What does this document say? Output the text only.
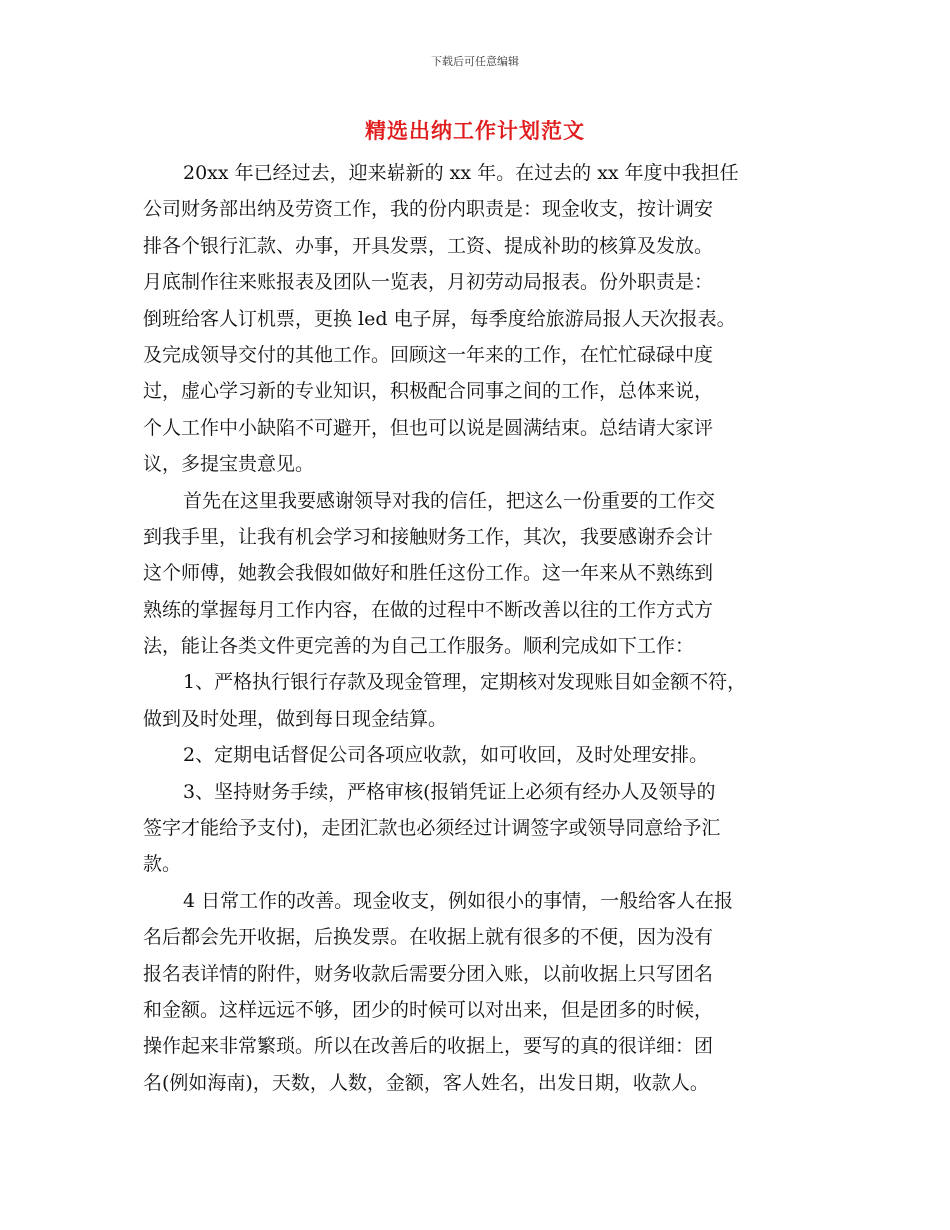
下载后可任意编辑
精选出纳工作计划范文
20xx 年已经过去，迎来崭新的 xx 年。在过去的 xx 年度中我担任
公司财务部出纳及劳资工作，我的份内职责是：现金收支，按计调安
排各个银行汇款、办事，开具发票，工资、提成补助的核算及发放。
月底制作往来账报表及团队一览表，月初劳动局报表。份外职责是：
倒班给客人订机票，更换 led 电子屏，每季度给旅游局报人天次报表。
及完成领导交付的其他工作。回顾这一年来的工作，在忙忙碌碌中度
过，虚心学习新的专业知识，积极配合同事之间的工作，总体来说，
个人工作中小缺陷不可避开，但也可以说是圆满结束。总结请大家评
议，多提宝贵意见。
首先在这里我要感谢领导对我的信任，把这么一份重要的工作交
到我手里，让我有机会学习和接触财务工作，其次，我要感谢乔会计
这个师傅，她教会我假如做好和胜任这份工作。这一年来从不熟练到
熟练的掌握每月工作内容，在做的过程中不断改善以往的工作方式方
法，能让各类文件更完善的为自己工作服务。顺利完成如下工作：
1、严格执行银行存款及现金管理，定期核对发现账目如金额不符，
做到及时处理，做到每日现金结算。
2、定期电话督促公司各项应收款，如可收回，及时处理安排。
3、坚持财务手续，严格审核(报销凭证上必须有经办人及领导的
签字才能给予支付)，走团汇款也必须经过计调签字或领导同意给予汇
款。
4 日常工作的改善。现金收支，例如很小的事情，一般给客人在报
名后都会先开收据，后换发票。在收据上就有很多的不便，因为没有
报名表详情的附件，财务收款后需要分团入账，以前收据上只写团名
和金额。这样远远不够，团少的时候可以对出来，但是团多的时候，
操作起来非常繁琐。所以在改善后的收据上，要写的真的很详细：团
名(例如海南)，天数，人数，金额，客人姓名，出发日期，收款人。
